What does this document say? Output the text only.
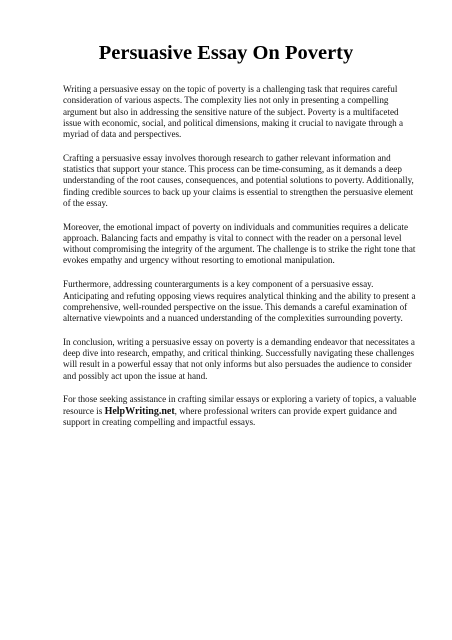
Persuasive Essay On Poverty

Writing a persuasive essay on the topic of poverty is a challenging task that requires careful
consideration of various aspects. The complexity lies not only in presenting a compelling
argument but also in addressing the sensitive nature of the subject. Poverty is a multifaceted
issue with economic, social, and political dimensions, making it crucial to navigate through a
myriad of data and perspectives.

Crafting a persuasive essay involves thorough research to gather relevant information and
statistics that support your stance. This process can be time-consuming, as it demands a deep
understanding of the root causes, consequences, and potential solutions to poverty. Additionally,
finding credible sources to back up your claims is essential to strengthen the persuasive element
of the essay.

Moreover, the emotional impact of poverty on individuals and communities requires a delicate
approach. Balancing facts and empathy is vital to connect with the reader on a personal level
without compromising the integrity of the argument. The challenge is to strike the right tone that
evokes empathy and urgency without resorting to emotional manipulation.

Furthermore, addressing counterarguments is a key component of a persuasive essay.
Anticipating and refuting opposing views requires analytical thinking and the ability to present a
comprehensive, well-rounded perspective on the issue. This demands a careful examination of
alternative viewpoints and a nuanced understanding of the complexities surrounding poverty.

In conclusion, writing a persuasive essay on poverty is a demanding endeavor that necessitates a
deep dive into research, empathy, and critical thinking. Successfully navigating these challenges
will result in a powerful essay that not only informs but also persuades the audience to consider
and possibly act upon the issue at hand.

For those seeking assistance in crafting similar essays or exploring a variety of topics, a valuable
resource is HelpWriting.net, where professional writers can provide expert guidance and
support in creating compelling and impactful essays.
